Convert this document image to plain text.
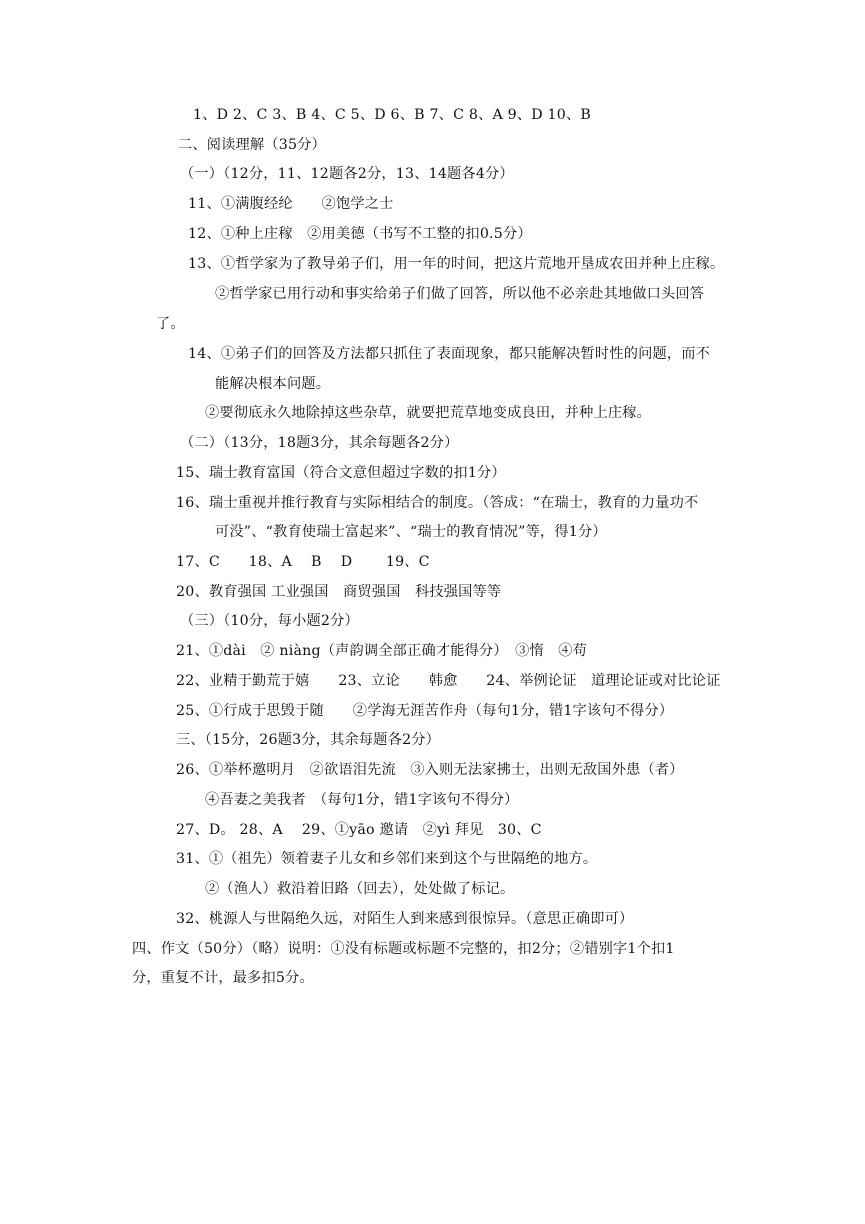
1、D 2、C 3、B 4、C 5、D 6、B 7、C 8、A 9、D 10、B
二、阅读理解（35分）
（一）（12分，11、12题各2分，13、14题各4分）
11、①满腹经纶　　②饱学之士
12、①种上庄稼　②用美德（书写不工整的扣0.5分）
13、①哲学家为了教导弟子们，用一年的时间，把这片荒地开垦成农田并种上庄稼。
②哲学家已用行动和事实给弟子们做了回答，所以他不必亲赴其地做口头回答
了。
14、①弟子们的回答及方法都只抓住了表面现象，都只能解决暂时性的问题，而不
能解决根本问题。
②要彻底永久地除掉这些杂草，就要把荒草地变成良田，并种上庄稼。
（二）（13分，18题3分，其余每题各2分）
15、瑞士教育富国（符合文意但超过字数的扣1分）
16、瑞士重视并推行教育与实际相结合的制度。（答成：“在瑞士，教育的力量功不
可没”、“教育使瑞士富起来”、“瑞士的教育情况”等，得1分）
17、C　　18、A　 B　 D　　 19、C
20、教育强国 工业强国　商贸强国　科技强国等等
（三）（10分，每小题2分）
21、①dài　② niàng（声韵调全部正确才能得分）　③惰　④苟
22、业精于勤荒于嬉　　23、立论　　韩愈　　24、举例论证　道理论证或对比论证
25、①行成于思毁于随　　②学海无涯苦作舟（每句1分，错1字该句不得分）
三、（15分，26题3分，其余每题各2分）
26、①举杯邀明月　②欲语泪先流　③入则无法家拂士，出则无敌国外患（者）
④吾妻之美我者　（每句1分，错1字该句不得分）
27、D。 28、A　 29、①yāo 邀请　②yì 拜见　30、C
31、①（祖先）领着妻子儿女和乡邻们来到这个与世隔绝的地方。
②（渔人）救沿着旧路（回去），处处做了标记。
32、桃源人与世隔绝久远，对陌生人到来感到很惊异。（意思正确即可）
四、作文（50分）（略）说明：①没有标题或标题不完整的，扣2分；②错别字1个扣1
分，重复不计，最多扣5分。
